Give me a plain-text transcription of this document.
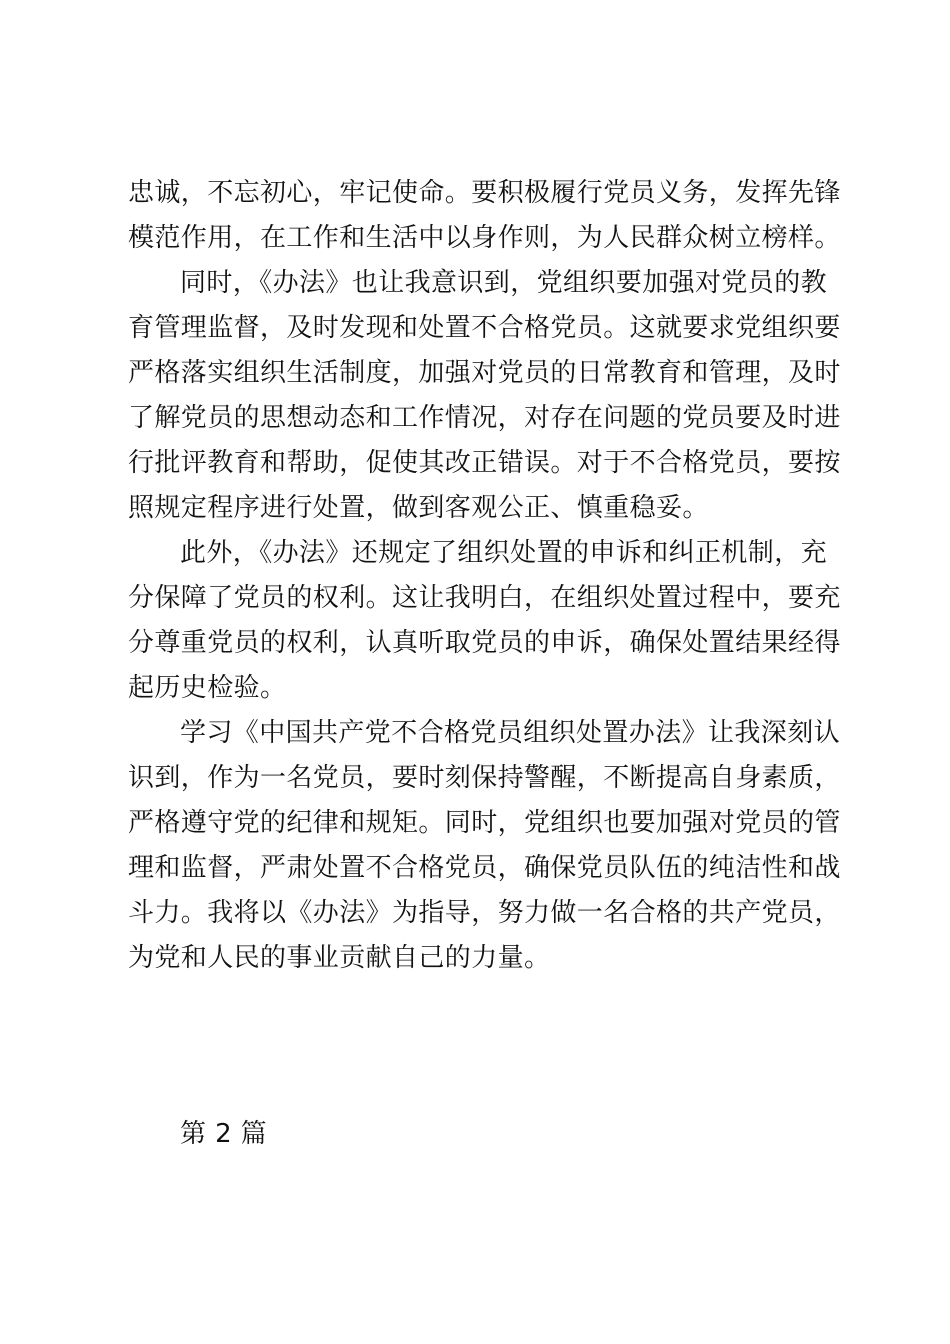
忠诚，不忘初心，牢记使命。要积极履行党员义务，发挥先锋
模范作用，在工作和生活中以身作则，为人民群众树立榜样。
同时，《办法》也让我意识到，党组织要加强对党员的教
育管理监督，及时发现和处置不合格党员。这就要求党组织要
严格落实组织生活制度，加强对党员的日常教育和管理，及时
了解党员的思想动态和工作情况，对存在问题的党员要及时进
行批评教育和帮助，促使其改正错误。对于不合格党员，要按
照规定程序进行处置，做到客观公正、慎重稳妥。
此外，《办法》还规定了组织处置的申诉和纠正机制，充
分保障了党员的权利。这让我明白，在组织处置过程中，要充
分尊重党员的权利，认真听取党员的申诉，确保处置结果经得
起历史检验。
学习《中国共产党不合格党员组织处置办法》让我深刻认
识到，作为一名党员，要时刻保持警醒，不断提高自身素质，
严格遵守党的纪律和规矩。同时，党组织也要加强对党员的管
理和监督，严肃处置不合格党员，确保党员队伍的纯洁性和战
斗力。我将以《办法》为指导，努力做一名合格的共产党员，
为党和人民的事业贡献自己的力量。
第 2 篇
